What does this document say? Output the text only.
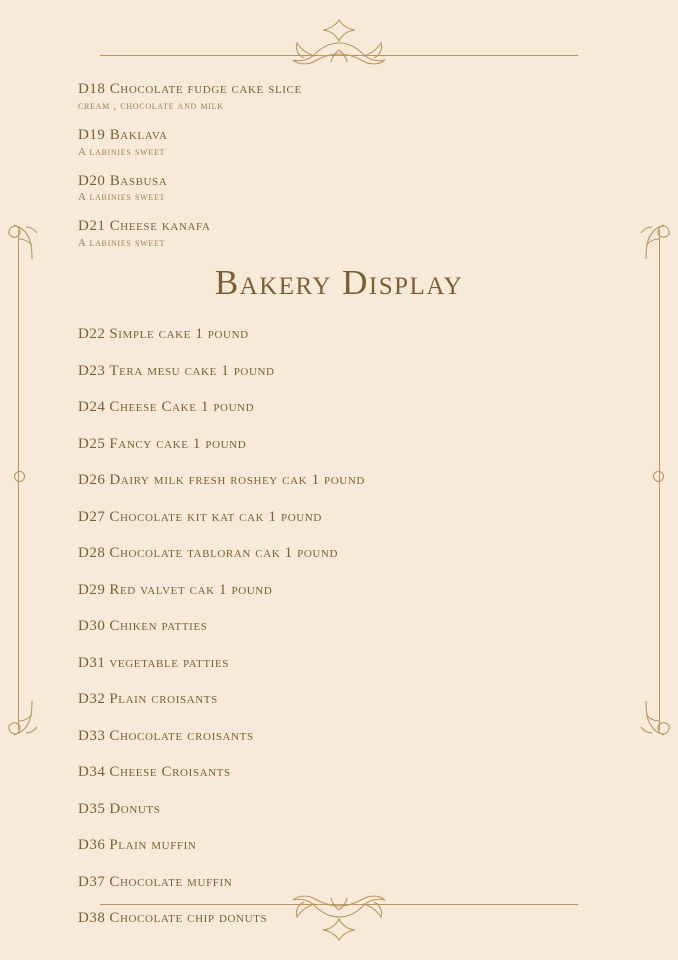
D18 Chocolate fudge cake slice
cream , chocolate and milk
D19 Baklava
A labinies sweet
D20 Basbusa
A labinies sweet
D21 Cheese kanafa
A labinies sweet
Bakery Display
D22 Simple cake 1 pound
D23 Tera mesu cake 1 pound
D24 Cheese Cake 1 pound
D25 Fancy cake 1 pound
D26 Dairy milk fresh roshey cak 1 pound
D27 Chocolate kit kat cak 1 pound
D28 Chocolate tabloran cak 1 pound
D29 Red valvet cak 1 pound
D30 Chiken patties
D31 vegetable patties
D32 Plain croisants
D33 Chocolate croisants
D34 Cheese Croisants
D35 Donuts
D36 Plain muffin
D37 Chocolate muffin
D38 Chocolate chip donuts
